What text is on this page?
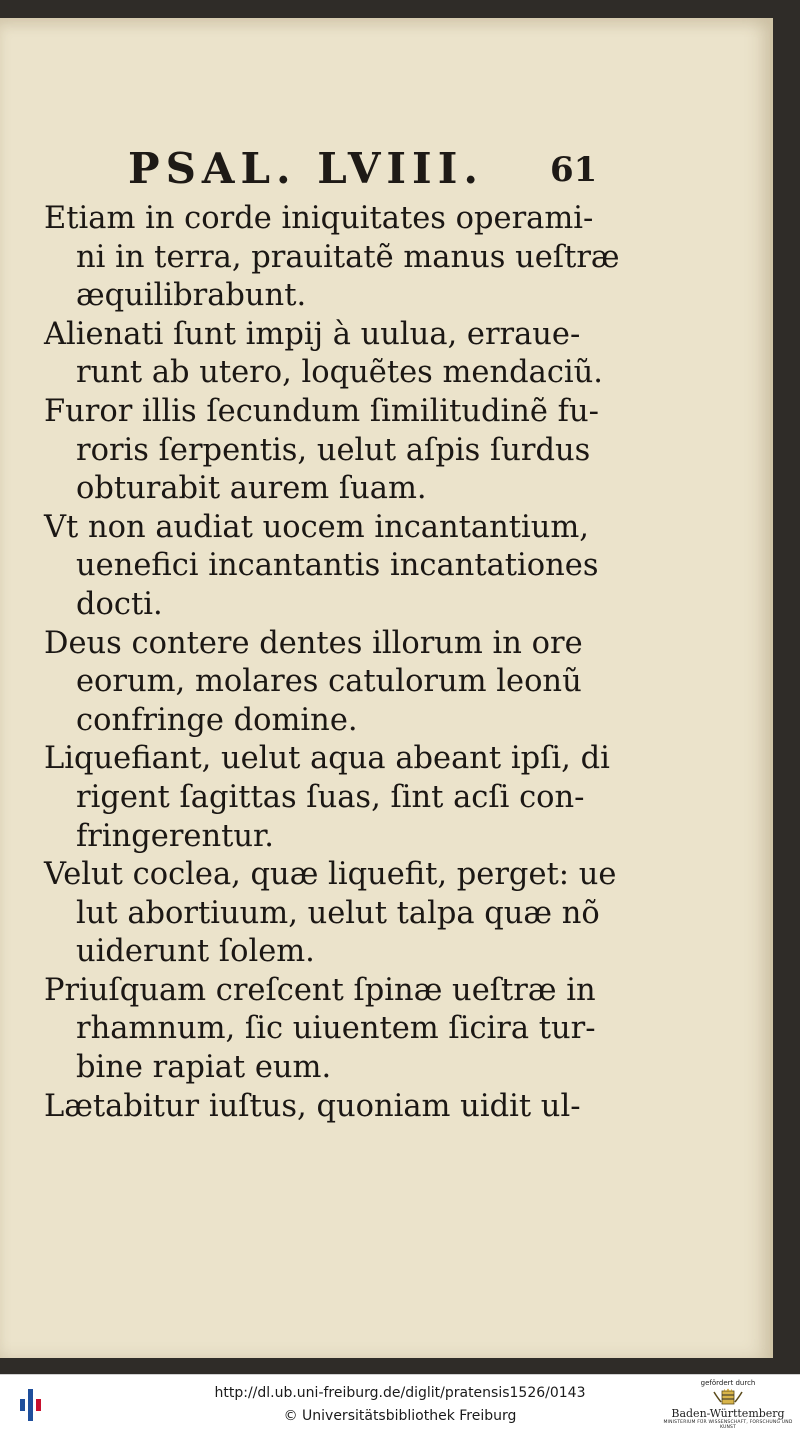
PSAL. LVIII. 61
Etiam in corde iniquitates operami-
ni in terra, prauitatẽ manus ueſtræ
æquilibrabunt.
Alienati ſunt impij à uulua, erraue-
runt ab utero, loquẽtes mendaciũ.
Furor illis ſecundum ſimilitudinẽ fu-
roris ſerpentis, uelut aſpis ſurdus
obturabit aurem ſuam.
Vt non audiat uocem incantantium,
uenefici incantantis incantationes
docti.
Deus contere dentes illorum in ore
eorum, molares catulorum leonũ
confringe domine.
Liquefiant, uelut aqua abeant ipſi, di
rigent ſagittas ſuas, ſint acſi con-
fringerentur.
Velut coclea, quæ liquefit, perget: ue
lut abortiuum, uelut talpa quæ nõ
uiderunt ſolem.
Priuſquam creſcent ſpinæ ueſtræ in
rhamnum, ſic uiuentem ſicira tur-
bine rapiat eum.
Lætabitur iuſtus, quoniam uidit ul-
http://dl.ub.uni-freiburg.de/diglit/pratensis1526/0143
© Universitätsbibliothek Freiburg
gefördert durch
Baden-Württemberg
MINISTERIUM FÜR WISSENSCHAFT, FORSCHUNG UND KUNST
